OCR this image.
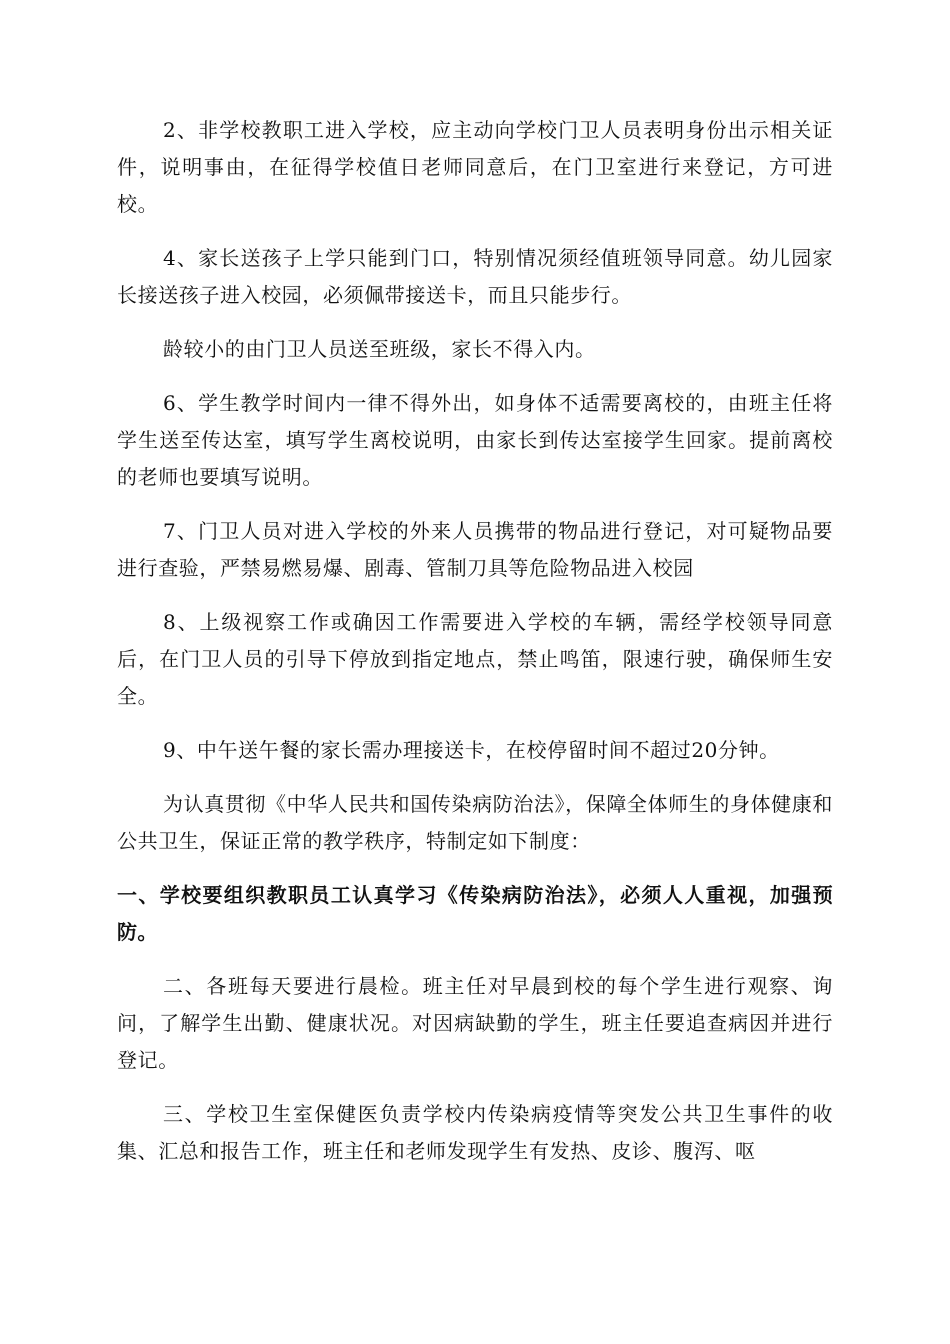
2、非学校教职工进入学校，应主动向学校门卫人员表明身份出示相关证件，说明事由，在征得学校值日老师同意后，在门卫室进行来登记，方可进校。

4、家长送孩子上学只能到门口，特别情况须经值班领导同意。幼儿园家长接送孩子进入校园，必须佩带接送卡，而且只能步行。

龄较小的由门卫人员送至班级，家长不得入内。

6、学生教学时间内一律不得外出，如身体不适需要离校的，由班主任将学生送至传达室，填写学生离校说明，由家长到传达室接学生回家。提前离校的老师也要填写说明。

7、门卫人员对进入学校的外来人员携带的物品进行登记，对可疑物品要进行查验，严禁易燃易爆、剧毒、管制刀具等危险物品进入校园

8、上级视察工作或确因工作需要进入学校的车辆，需经学校领导同意后，在门卫人员的引导下停放到指定地点，禁止鸣笛，限速行驶，确保师生安全。

9、中午送午餐的家长需办理接送卡，在校停留时间不超过20分钟。

为认真贯彻《中华人民共和国传染病防治法》，保障全体师生的身体健康和公共卫生，保证正常的教学秩序，特制定如下制度：

一、学校要组织教职员工认真学习《传染病防治法》，必须人人重视，加强预防。

二、各班每天要进行晨检。班主任对早晨到校的每个学生进行观察、询问，了解学生出勤、健康状况。对因病缺勤的学生，班主任要追查病因并进行登记。

三、学校卫生室保健医负责学校内传染病疫情等突发公共卫生事件的收集、汇总和报告工作，班主任和老师发现学生有发热、皮诊、腹泻、呕
